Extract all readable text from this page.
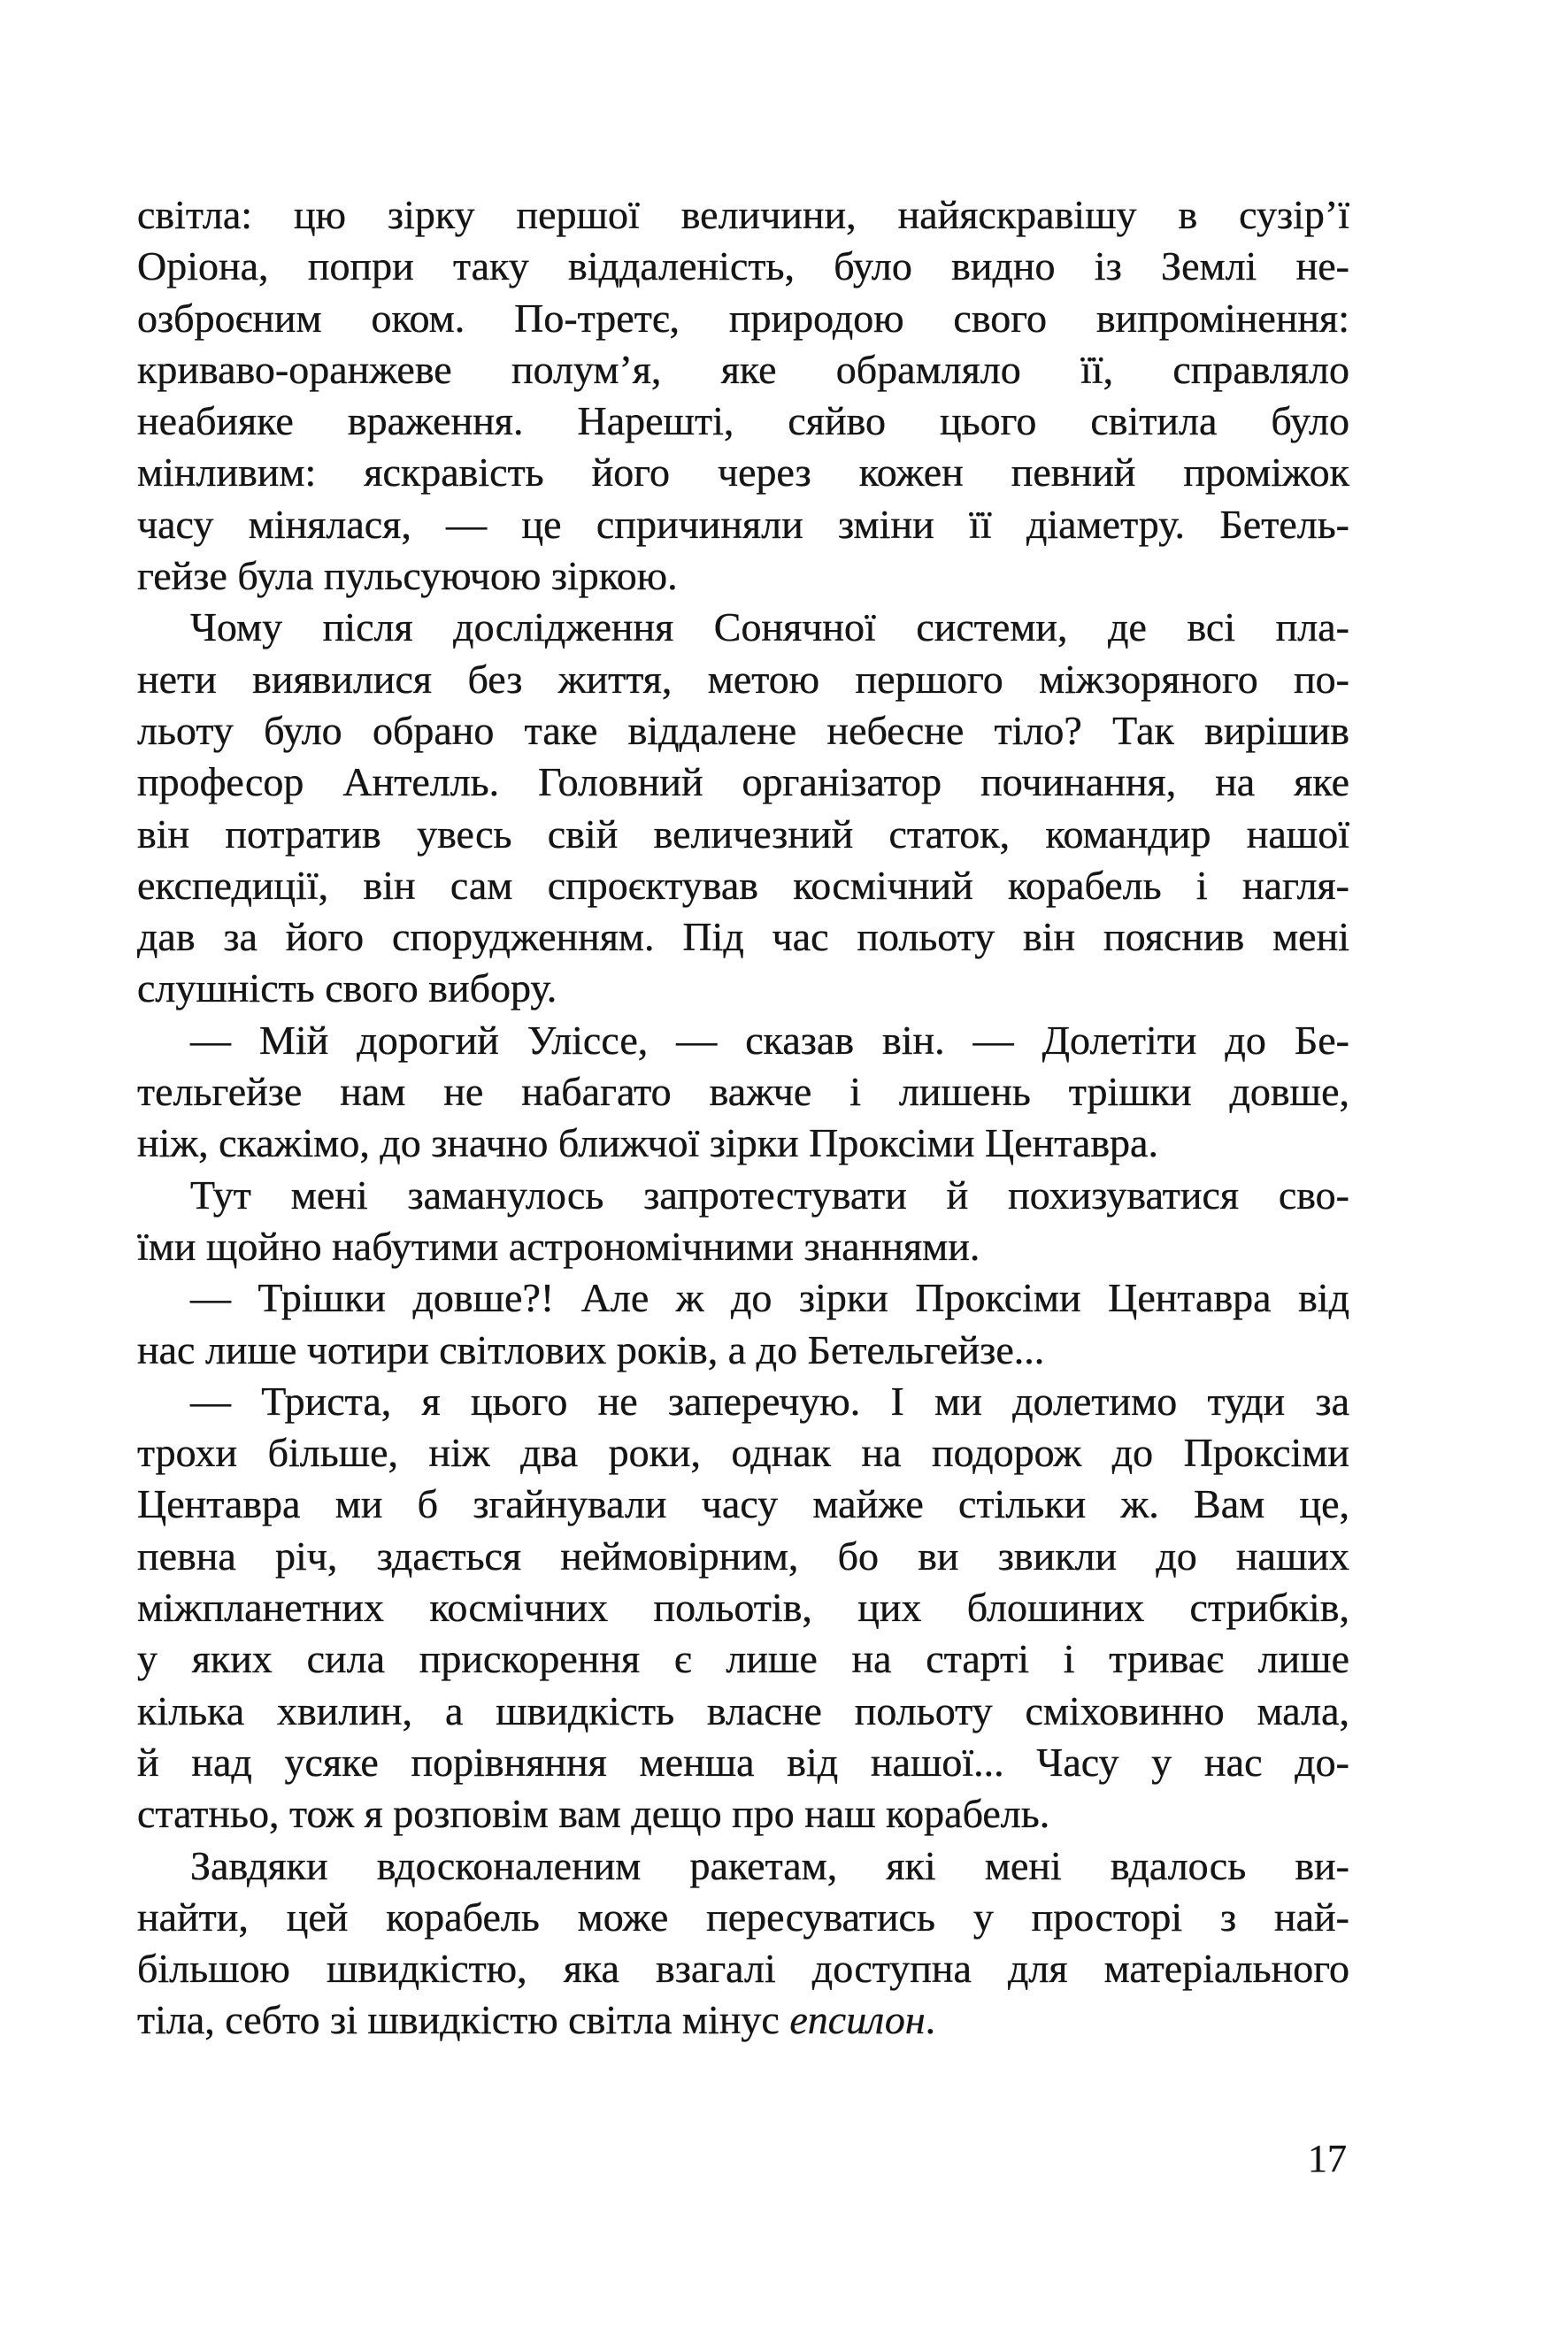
світла: цю зірку першої величини, найяскравішу в сузір’ї
Оріона, попри таку віддаленість, було видно із Землі не-
озброєним оком. По-третє, природою свого випромінення:
криваво-оранжеве полум’я, яке обрамляло її, справляло
неабияке враження. Нарешті, сяйво цього світила було
мінливим: яскравість його через кожен певний проміжок
часу мінялася, — це спричиняли зміни її діаметру. Бетель-
гейзе була пульсуючою зіркою.
Чому після дослідження Сонячної системи, де всі пла-
нети виявилися без життя, метою першого міжзоряного по-
льоту було обрано таке віддалене небесне тіло? Так вирішив
професор Антелль. Головний організатор починання, на яке
він потратив увесь свій величезний статок, командир нашої
експедиції, він сам спроєктував космічний корабель і нагля-
дав за його спорудженням. Під час польоту він пояснив мені
слушність свого вибору.
— Мій дорогий Уліссе, — сказав він. — Долетіти до Бе-
тельгейзе нам не набагато важче і лишень трішки довше,
ніж, скажімо, до значно ближчої зірки Проксіми Центавра.
Тут мені заманулось запротестувати й похизуватися сво-
їми щойно набутими астрономічними знаннями.
— Трішки довше?! Але ж до зірки Проксіми Центавра від
нас лише чотири світлових років, а до Бетельгейзе...
— Триста, я цього не заперечую. І ми долетимо туди за
трохи більше, ніж два роки, однак на подорож до Проксіми
Центавра ми б згайнували часу майже стільки ж. Вам це,
певна річ, здається неймовірним, бо ви звикли до наших
міжпланетних космічних польотів, цих блошиних стрибків,
у яких сила прискорення є лише на старті і триває лише
кілька хвилин, а швидкість власне польоту сміховинно мала,
й над усяке порівняння менша від нашої... Часу у нас до-
статньо, тож я розповім вам дещо про наш корабель.
Завдяки вдосконаленим ракетам, які мені вдалось ви-
найти, цей корабель може пересуватись у просторі з най-
більшою швидкістю, яка взагалі доступна для матеріального
тіла, себто зі швидкістю світла мінус епсилон.
17
